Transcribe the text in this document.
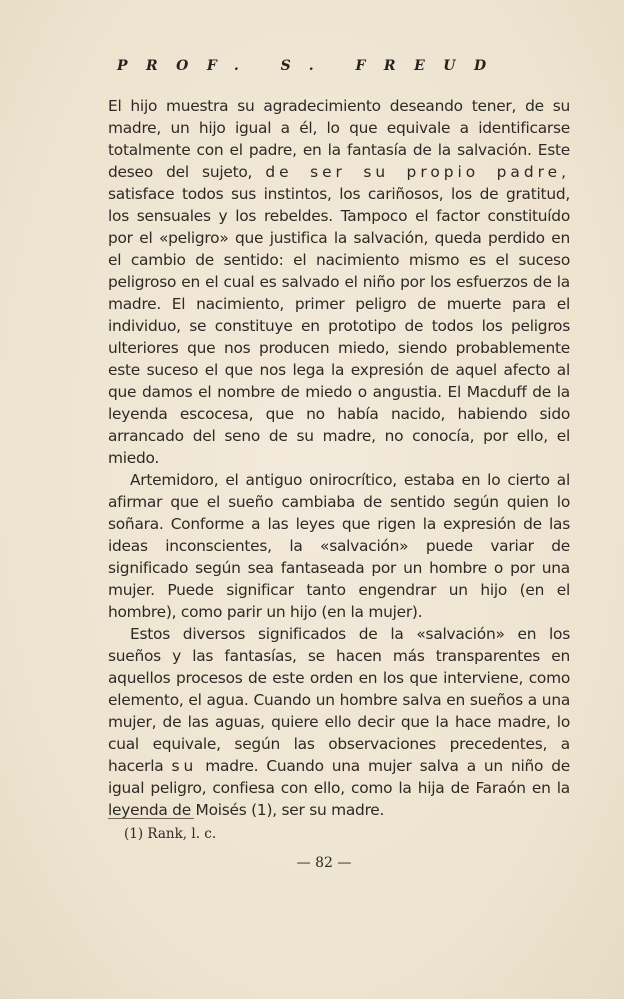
PROF. S. FREUD

El hijo muestra su agradecimiento deseando tener, de su madre, un hijo igual a él, lo que equivale a identificarse totalmente con el padre, en la fantasía de la salvación. Este deseo del sujeto, de ser su propio padre, satisface todos sus instintos, los cariñosos, los de gratitud, los sensuales y los rebeldes. Tampoco el factor constituído por el «peligro» que justifica la salvación, queda perdido en el cambio de sentido: el nacimiento mismo es el suceso peligroso en el cual es salvado el niño por los esfuerzos de la madre. El nacimiento, primer peligro de muerte para el individuo, se constituye en prototipo de todos los peligros ulteriores que nos producen miedo, siendo probablemente este suceso el que nos lega la expresión de aquel afecto al que damos el nombre de miedo o angustia. El Macduff de la leyenda escocesa, que no había nacido, habiendo sido arrancado del seno de su madre, no conocía, por ello, el miedo.

Artemidoro, el antiguo onirocrítico, estaba en lo cierto al afirmar que el sueño cambiaba de sentido según quien lo soñara. Conforme a las leyes que rigen la expresión de las ideas inconscientes, la «salvación» puede variar de significado según sea fantaseada por un hombre o por una mujer. Puede significar tanto engendrar un hijo (en el hombre), como parir un hijo (en la mujer).

Estos diversos significados de la «salvación» en los sueños y las fantasías, se hacen más transparentes en aquellos procesos de este orden en los que interviene, como elemento, el agua. Cuando un hombre salva en sueños a una mujer, de las aguas, quiere ello decir que la hace madre, lo cual equivale, según las observaciones precedentes, a hacerla su madre. Cuando una mujer salva a un niño de igual peligro, confiesa con ello, como la hija de Faraón en la leyenda de Moisés (1), ser su madre.

(1) Rank, l. c.
— 82 —
